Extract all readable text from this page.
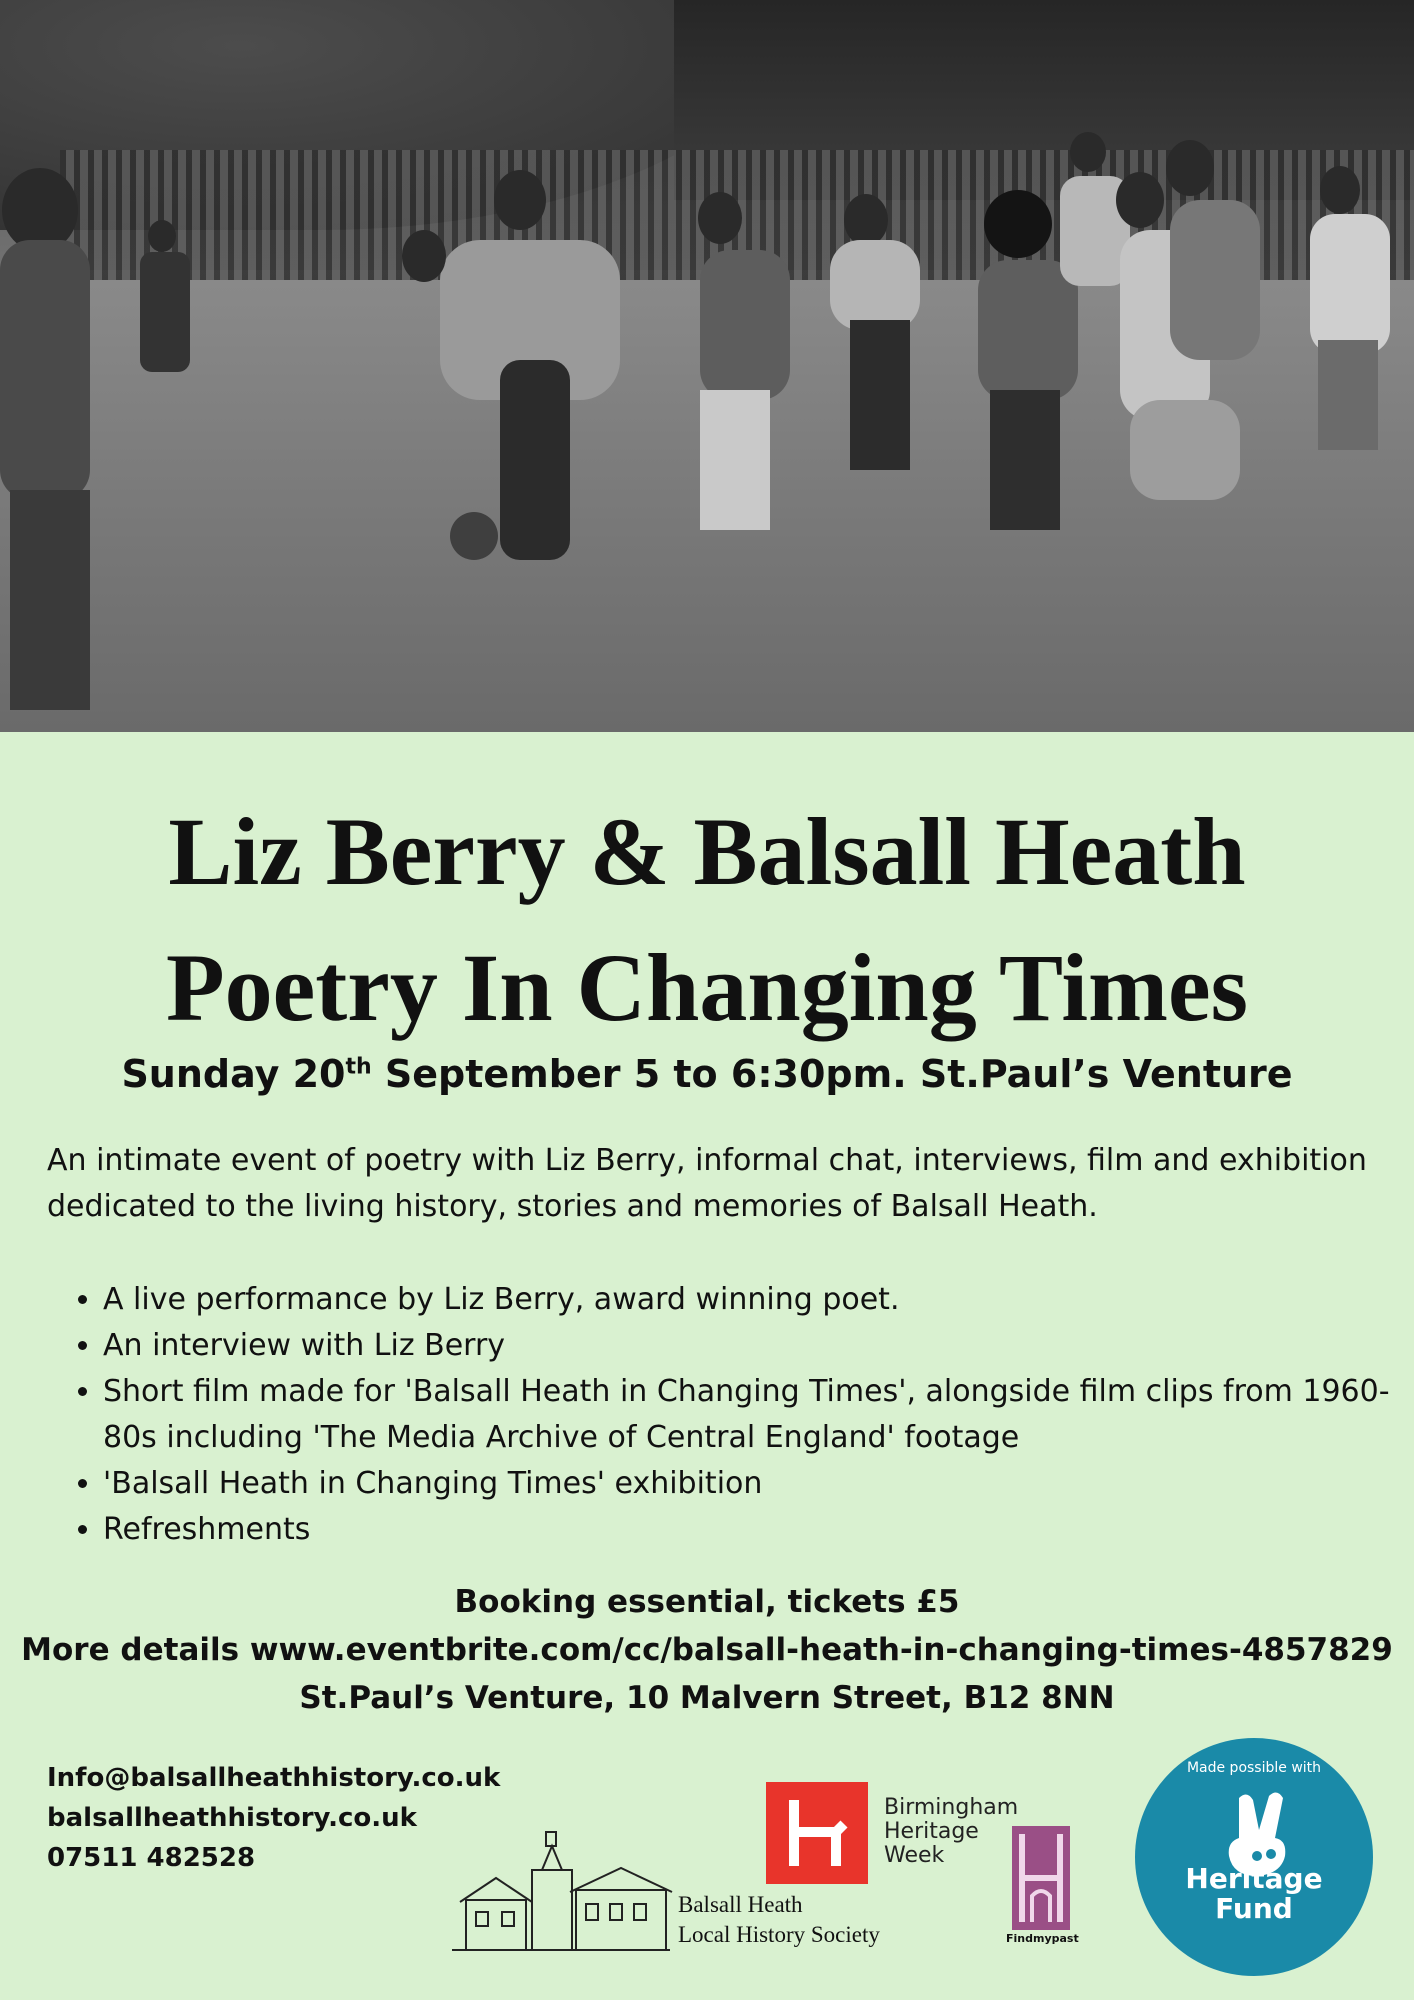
Liz Berry & Balsall Heath
Poetry In Changing Times
Sunday 20th September 5 to 6:30pm. St.Paul’s Venture
An intimate event of poetry with Liz Berry, informal chat, interviews, film and exhibition dedicated to the living history, stories and memories of Balsall Heath.
• A live performance by Liz Berry, award winning poet.
• An interview with Liz Berry
• Short film made for 'Balsall Heath in Changing Times', alongside film clips from 1960-80s including 'The Media Archive of Central England' footage
• 'Balsall Heath in Changing Times' exhibition
• Refreshments
Booking essential, tickets £5
More details www.eventbrite.com/cc/balsall-heath-in-changing-times-4857829
St.Paul’s Venture, 10 Malvern Street, B12 8NN
Info@balsallheathhistory.co.uk
balsallheathhistory.co.uk
07511 482528
Balsall Heath
Local History Society
Birmingham
Heritage
Week
Findmypast
Made possible with
Heritage
Fund
